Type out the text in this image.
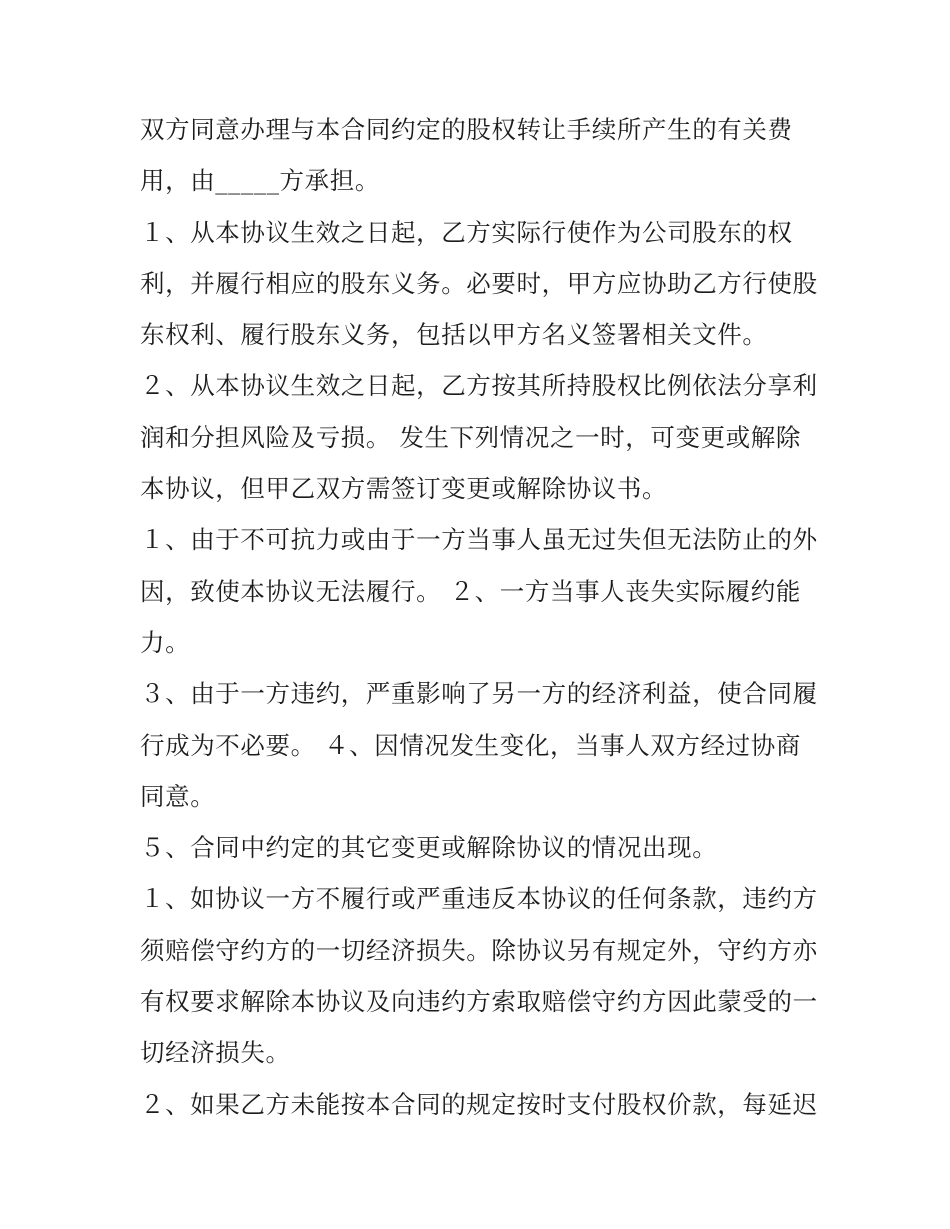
双方同意办理与本合同约定的股权转让手续所产生的有关费
用，由_____方承担。
１、从本协议生效之日起，乙方实际行使作为公司股东的权
利，并履行相应的股东义务。必要时，甲方应协助乙方行使股
东权利、履行股东义务，包括以甲方名义签署相关文件。
２、从本协议生效之日起，乙方按其所持股权比例依法分享利
润和分担风险及亏损。 发生下列情况之一时，可变更或解除
本协议，但甲乙双方需签订变更或解除协议书。
１、由于不可抗力或由于一方当事人虽无过失但无法防止的外
因，致使本协议无法履行。 ２、一方当事人丧失实际履约能
力。
３、由于一方违约，严重影响了另一方的经济利益，使合同履
行成为不必要。 ４、因情况发生变化，当事人双方经过协商
同意。
５、合同中约定的其它变更或解除协议的情况出现。
１、如协议一方不履行或严重违反本协议的任何条款，违约方
须赔偿守约方的一切经济损失。除协议另有规定外，守约方亦
有权要求解除本协议及向违约方索取赔偿守约方因此蒙受的一
切经济损失。
２、如果乙方未能按本合同的规定按时支付股权价款，每延迟
